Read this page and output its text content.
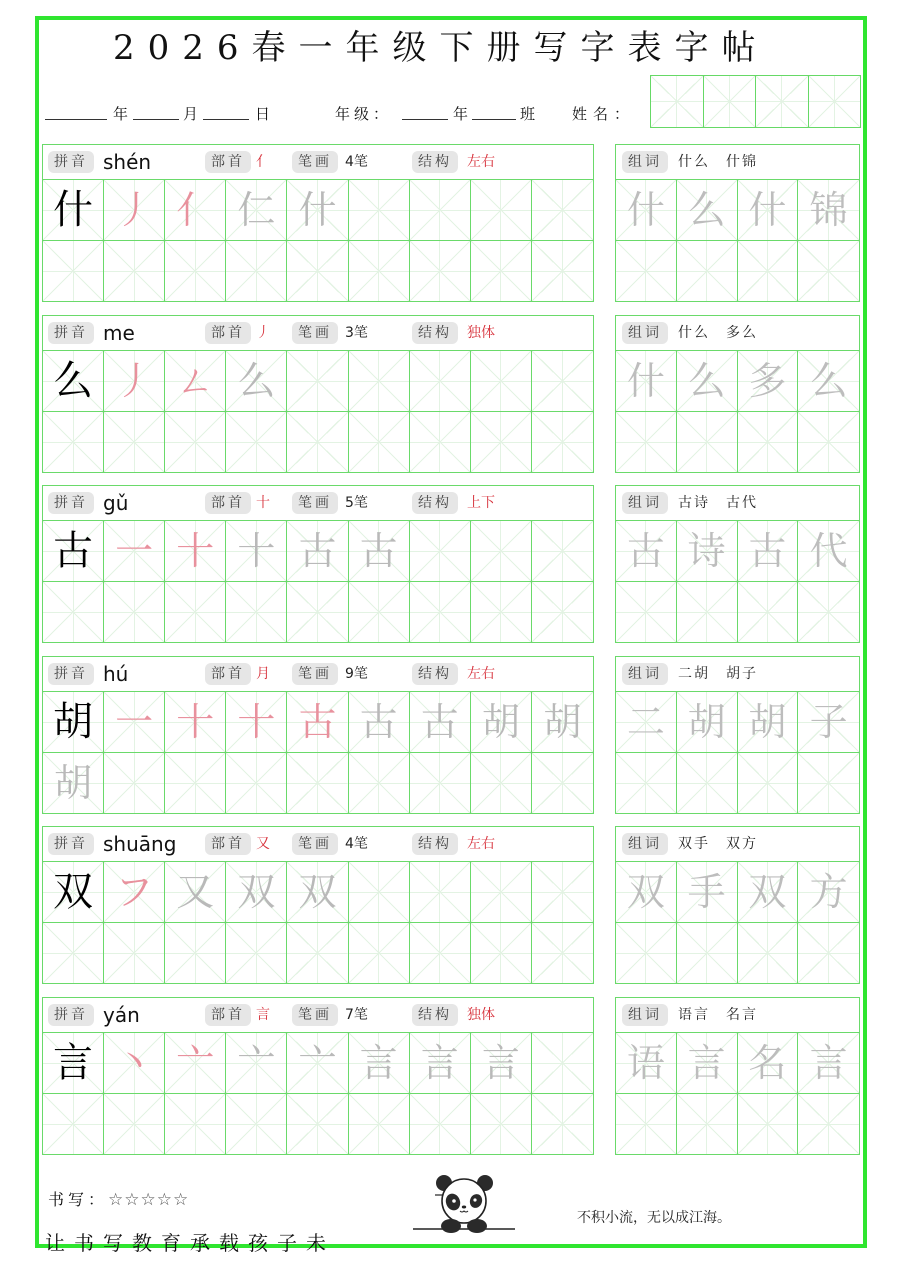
2026春一年级下册写字表字帖
年	月	日	年级：	年	班 姓名：
拼音 shén	部首 亻	笔画 4笔	结构	左右
什 丿 亻 仁 什
组词	什么　什锦
什 么 什 锦
拼音 me	部首 丿	笔画 3笔	结构	独体
么 丿 ㄥ 么
组词	什么　多么
什 么 多 么
拼音 gǔ	部首 十	笔画 5笔	结构	上下
古 一 十 十 古 古
组词	古诗　古代
古 诗 古 代
拼音 hú	部首 月	笔画 9笔	结构	左右
胡 一 十 十 古 古 古 胡 胡
胡
组词	二胡　胡子
二 胡 胡 子
拼音 shuāng	部首 又	笔画 4笔	结构	左右
双 フ 又 双 双
组词	双手　双方
双 手 双 方
拼音 yán	部首 言	笔画 7笔	结构	独体
言 丶 亠 亠 亠 言 言 言
组词	语言　名言
语 言 名 言
书写：☆☆☆☆☆
让书写教育承载孩子未
不积小流，无以成江海。
